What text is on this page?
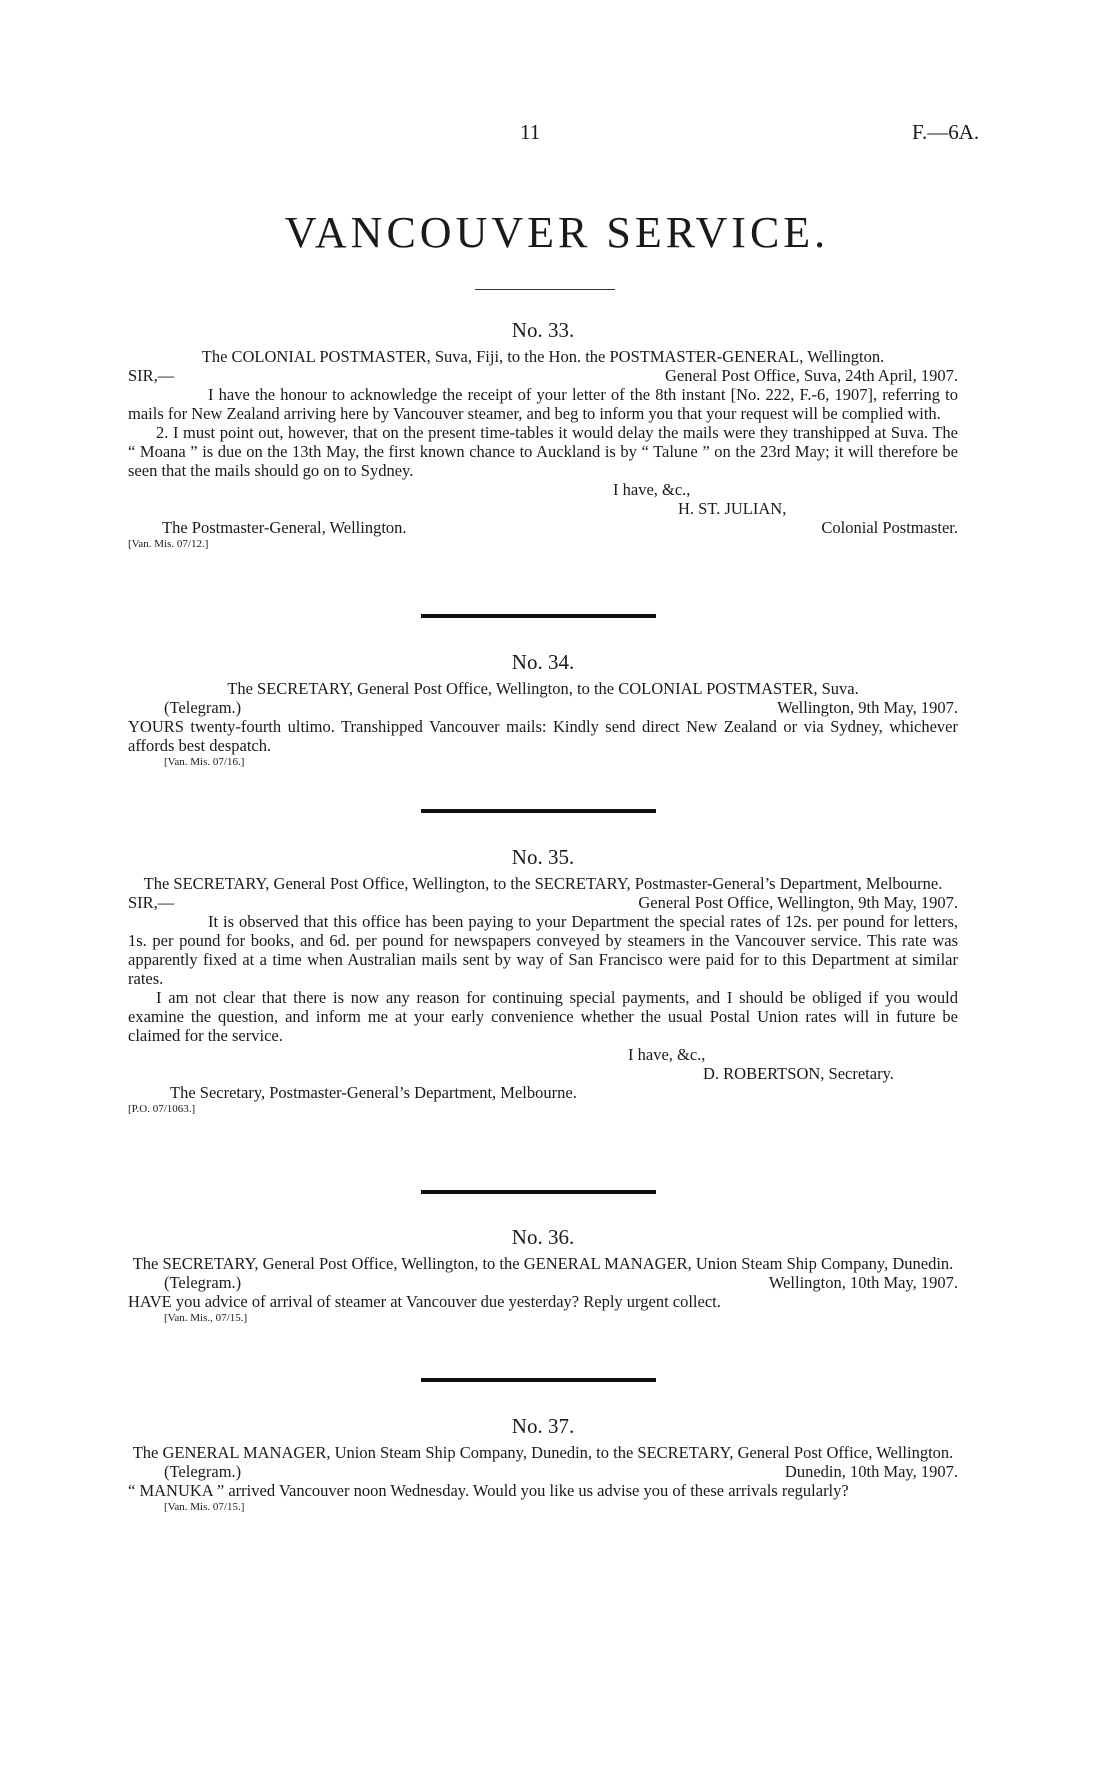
11	F.—6A.
VANCOUVER SERVICE.
No. 33.
The COLONIAL POSTMASTER, Suva, Fiji, to the Hon. the POSTMASTER-GENERAL, Wellington.
SIR,—	General Post Office, Suva, 24th April, 1907.

I have the honour to acknowledge the receipt of your letter of the 8th instant [No. 222, F.-6, 1907], referring to mails for New Zealand arriving here by Vancouver steamer, and beg to inform you that your request will be complied with.

2. I must point out, however, that on the present time-tables it would delay the mails were they transhipped at Suva. The “ Moana ” is due on the 13th May, the first known chance to Auckland is by “ Talune ” on the 23rd May; it will therefore be seen that the mails should go on to Sydney.

I have, &c.,
H. ST. JULIAN,
The Postmaster-General, Wellington.	Colonial Postmaster.
[Van. Mis. 07/12.]
No. 34.
The SECRETARY, General Post Office, Wellington, to the COLONIAL POSTMASTER, Suva.
(Telegram.)	Wellington, 9th May, 1907.

YOURS twenty-fourth ultimo. Transhipped Vancouver mails: Kindly send direct New Zealand or via Sydney, whichever affords best despatch.

[Van. Mis. 07/16.]
No. 35.
The SECRETARY, General Post Office, Wellington, to the SECRETARY, Postmaster-General’s Department, Melbourne.
SIR,—	General Post Office, Wellington, 9th May, 1907.

It is observed that this office has been paying to your Department the special rates of 12s. per pound for letters, 1s. per pound for books, and 6d. per pound for newspapers conveyed by steamers in the Vancouver service. This rate was apparently fixed at a time when Australian mails sent by way of San Francisco were paid for to this Department at similar rates.

I am not clear that there is now any reason for continuing special payments, and I should be obliged if you would examine the question, and inform me at your early convenience whether the usual Postal Union rates will in future be claimed for the service.

I have, &c.,
D. ROBERTSON, Secretary.
The Secretary, Postmaster-General’s Department, Melbourne.
[P.O. 07/1063.]
No. 36.
The SECRETARY, General Post Office, Wellington, to the GENERAL MANAGER, Union Steam Ship Company, Dunedin.
(Telegram.)	Wellington, 10th May, 1907.

HAVE you advice of arrival of steamer at Vancouver due yesterday? Reply urgent collect.

[Van. Mis., 07/15.]
No. 37.
The GENERAL MANAGER, Union Steam Ship Company, Dunedin, to the SECRETARY, General Post Office, Wellington.
(Telegram.)	Dunedin, 10th May, 1907.

“ MANUKA ” arrived Vancouver noon Wednesday. Would you like us advise you of these arrivals regularly?

[Van. Mis. 07/15.]
